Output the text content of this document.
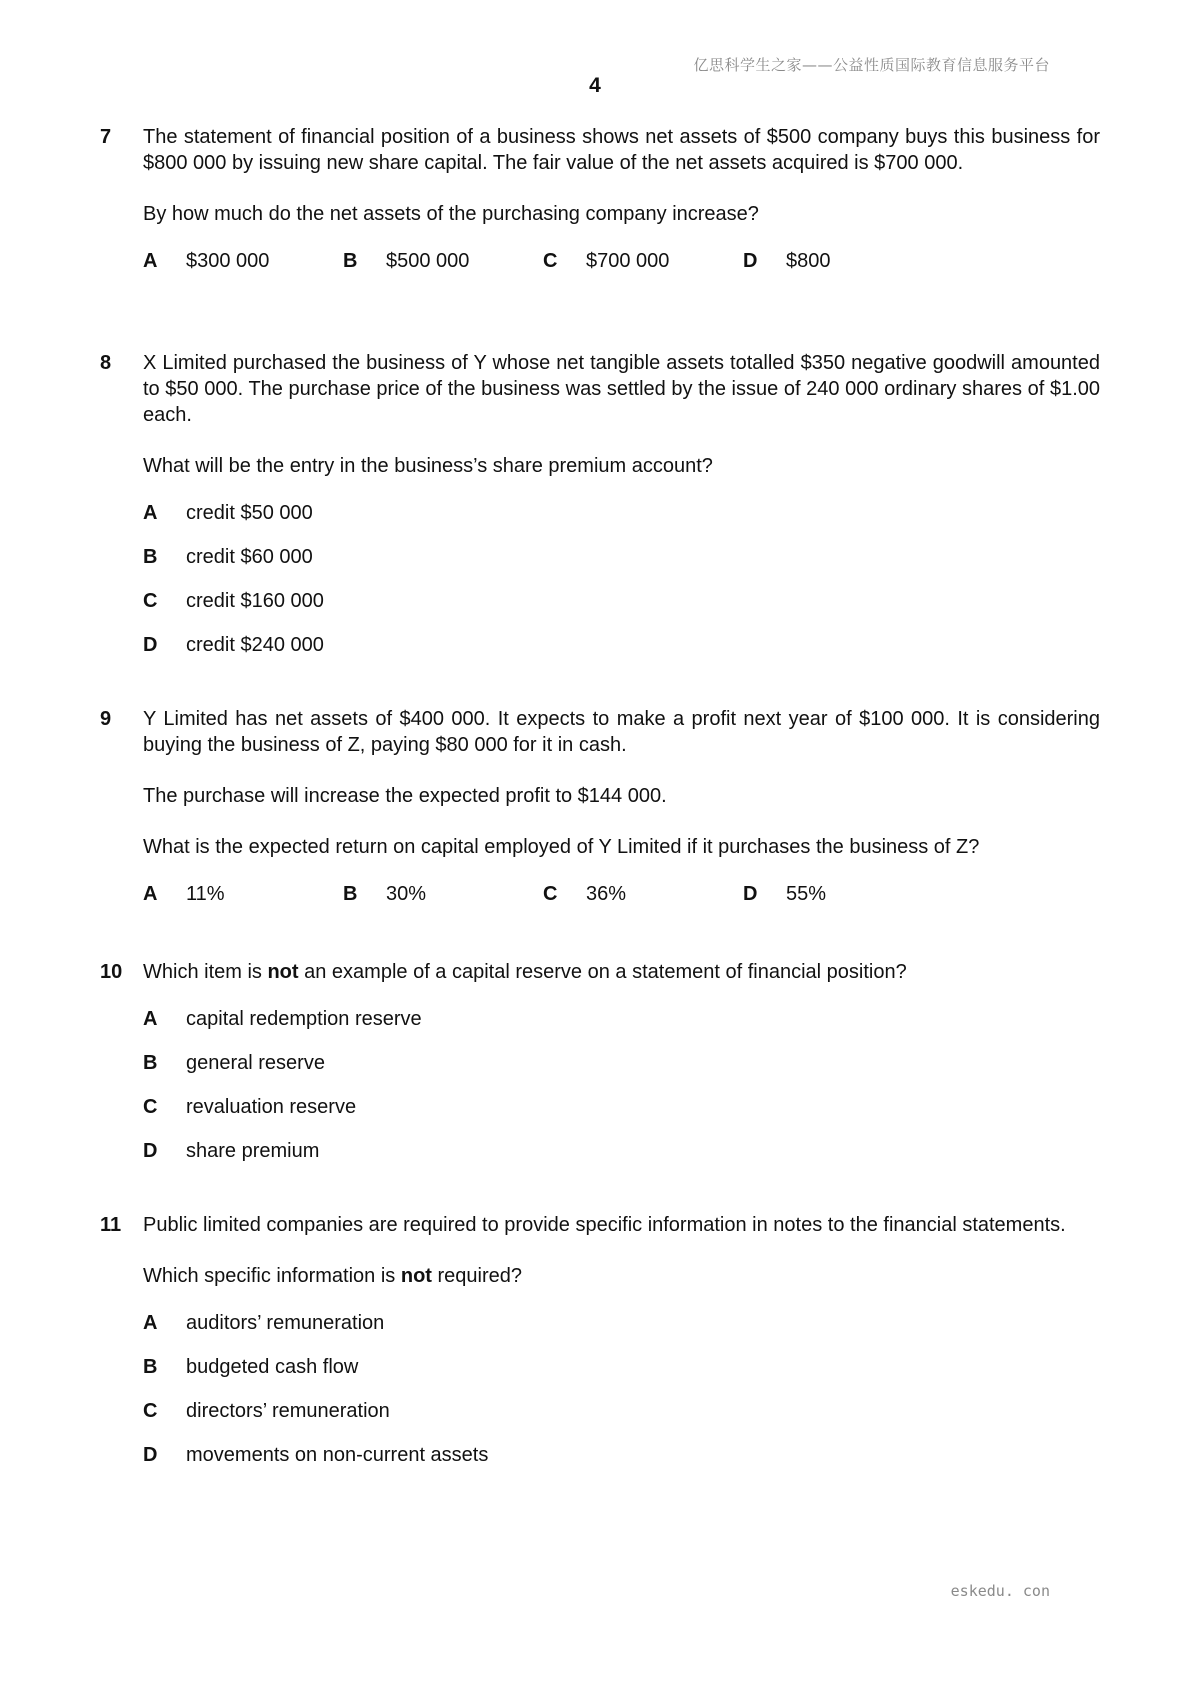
亿思科学生之家——公益性质国际教育信息服务平台
4
7 The statement of financial position of a business shows net assets of $500 company buys this business for $800 000 by issuing new share capital. The fair value of the net assets acquired is $700 000.

By how much do the net assets of the purchasing company increase?

A	$300 000	B	$500 000	C	$700 000	D	$800
8 X Limited purchased the business of Y whose net tangible assets totalled $350 negative goodwill amounted to $50 000. The purchase price of the business was settled by the issue of 240 000 ordinary shares of $1.00 each.

What will be the entry in the business’s share premium account?

A	credit $50 000
B	credit $60 000
C	credit $160 000
D	credit $240 000
9 Y Limited has net assets of $400 000. It expects to make a profit next year of $100 000. It is considering buying the business of Z, paying $80 000 for it in cash.

The purchase will increase the expected profit to $144 000.

What is the expected return on capital employed of Y Limited if it purchases the business of Z?

A	11%	B	30%	C	36%	D	55%
10 Which item is not an example of a capital reserve on a statement of financial position?

A	capital redemption reserve
B	general reserve
C	revaluation reserve
D	share premium
11 Public limited companies are required to provide specific information in notes to the financial statements.

Which specific information is not required?

A	auditors’ remuneration
B	budgeted cash flow
C	directors’ remuneration
D	movements on non-current assets
eskedu. con
